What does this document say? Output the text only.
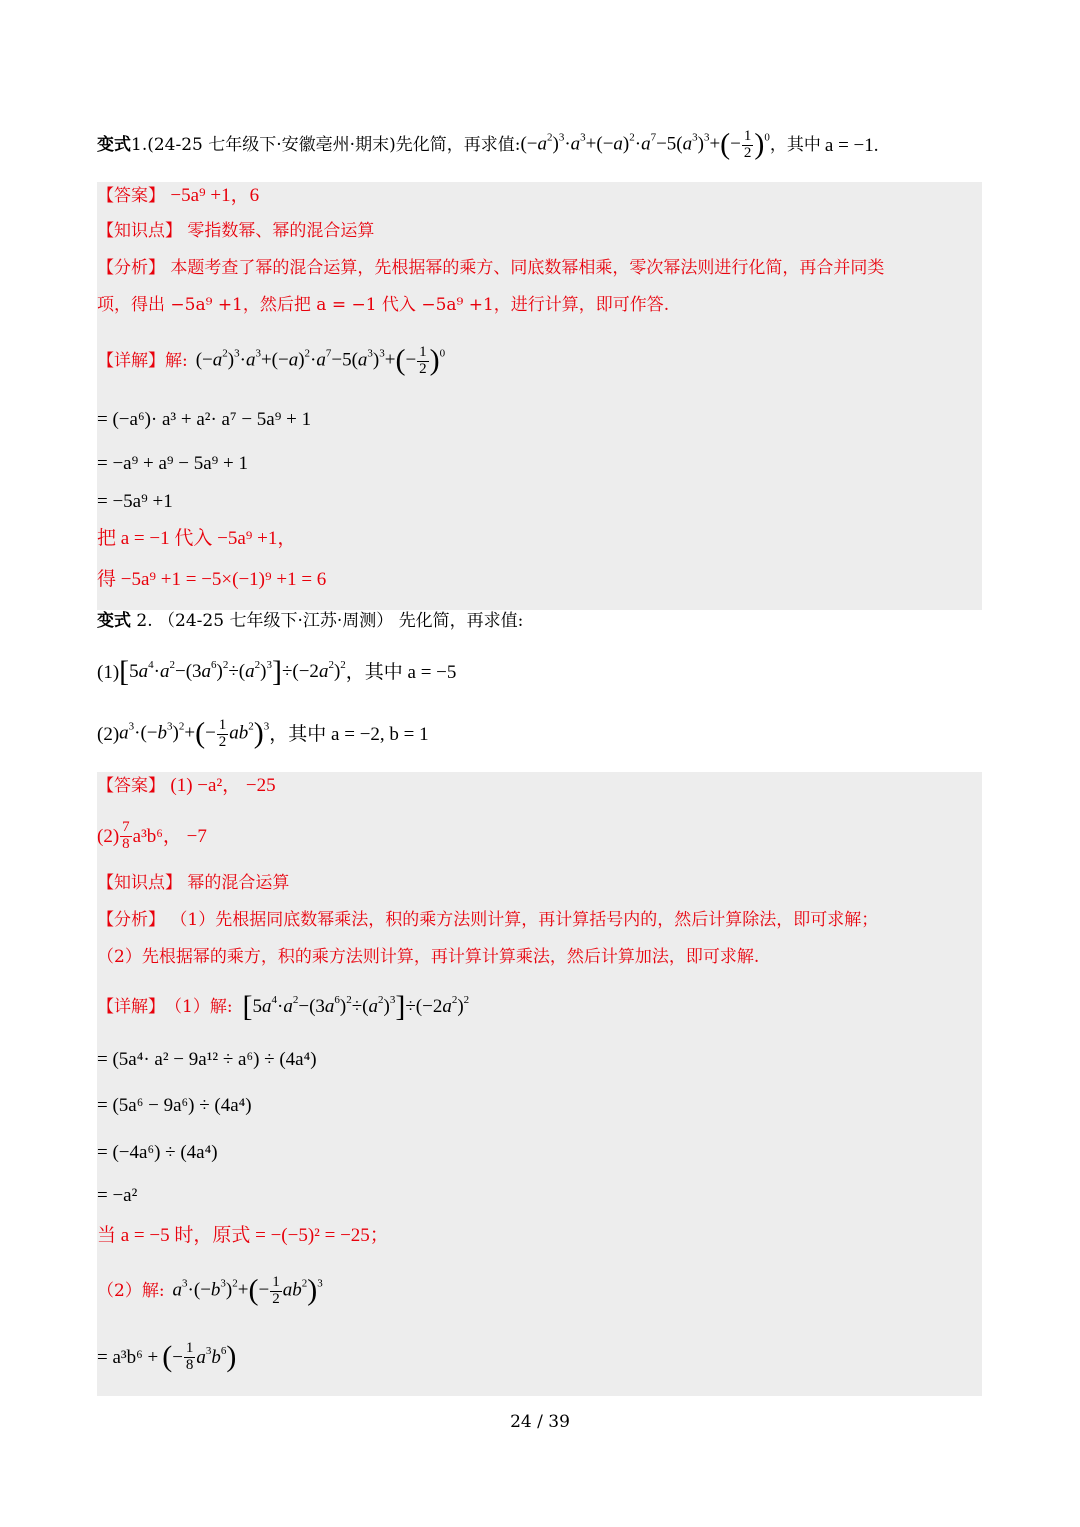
变式 1. (24-25 七年级下·安徽亳州·期末) 先化简，再求值: $(-a^2)^3\cdot a^3+(-a)^2\cdot a^7-5(a^3)^3+(- \frac{1}{2} )^0$ ，其中 a = −1.
【答案】 −5a⁹ +1，6
【知识点】 零指数幂、幂的混合运算
【分析】 本题考查了幂的混合运算，先根据幂的乘方、同底数幂相乘，零次幂法则进行化简，再合并同类
项，得出 −5a⁹ +1，然后把 a = −1 代入 −5a⁹ +1，进行计算，即可作答.
【详解】 解: $(-a^2)^3\cdot a^3+(-a)^2\cdot a^7-5(a^3)^3+(- \frac{1}{2} )^0$
= (−a⁶)· a³ + a²· a⁷ − 5a⁹ + 1
= −a⁹ + a⁹ − 5a⁹ + 1
= −5a⁹ +1
把 a = −1 代入 −5a⁹ +1，
得 −5a⁹ +1 = −5×(−1)⁹ +1 = 6
变式 2. （24-25 七年级下·江苏·周测） 先化简，再求值:
(1) $[5a^4\cdot a^2-(3a^6)^2\div(a^2)^3]\div(-2a^2)^2$ ，其中 a = −5
(2) $a^3\cdot(-b^3)^2+(- \frac{1}{2} ab^2)^3$ ，其中 a = −2, b = 1
【答案】 (1) −a²， −25
$(2) \frac{7}{8} a^3b^6$， −7
【知识点】 幂的混合运算
【分析】 （1）先根据同底数幂乘法，积的乘方法则计算，再计算括号内的，然后计算除法，即可求解；
（2）先根据幂的乘方，积的乘方法则计算，再计算计算乘法，然后计算加法，即可求解.
【详解】 （1）解: $[5a^4\cdot a^2-(3a^6)^2\div(a^2)^3]\div(-2a^2)^2$
= (5a⁴· a² − 9a¹² ÷ a⁶) ÷ (4a⁴)
= (5a⁶ − 9a⁶) ÷ (4a⁴)
= (−4a⁶) ÷ (4a⁴)
= −a²
当 a = −5 时，原式 = −(−5)² = −25；
（2）解: $a^3\cdot(-b^3)^2+(- \frac{1}{2} ab^2)^3$
= a³b⁶ + ( − $\frac{1}{8} a^3b^6$ )
24 / 39
